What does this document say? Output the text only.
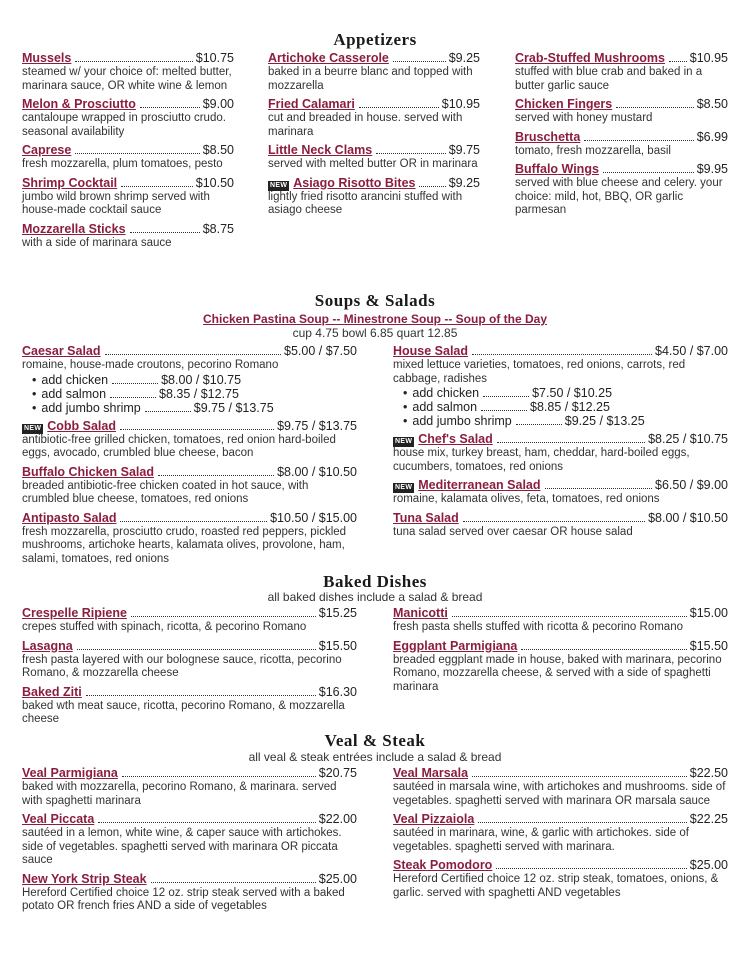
Appetizers
Mussels	$10.75
steamed w/ your choice of: melted butter, marinara sauce, OR white wine & lemon
Melon & Prosciutto	$9.00
cantaloupe wrapped in prosciutto crudo. seasonal availability
Caprese	$8.50
fresh mozzarella, plum tomatoes, pesto
Shrimp Cocktail	$10.50
jumbo wild brown shrimp served with house-made cocktail sauce
Mozzarella Sticks	$8.75
with a side of marinara sauce
Artichoke Casserole	$9.25
baked in a beurre blanc and topped with mozzarella
Fried Calamari	$10.95
cut and breaded in house. served with marinara
Little Neck Clams	$9.75
served with melted butter OR in marinara
NEW Asiago Risotto Bites	$9.25
lightly fried risotto arancini stuffed with asiago cheese
Crab-Stuffed Mushrooms $10.95
stuffed with blue crab and baked in a butter garlic sauce
Chicken Fingers	$8.50
served with honey mustard
Bruschetta	$6.99
tomato, fresh mozzarella, basil
Buffalo Wings	$9.95
served with blue cheese and celery. your choice: mild, hot, BBQ, OR garlic parmesan
Soups & Salads
Chicken Pastina Soup -- Minestrone Soup -- Soup of the Day
cup 4.75 bowl 6.85 quart 12.85
Caesar Salad	$5.00 / $7.50
romaine, house-made croutons, pecorino Romano
• add chicken	$8.00 / $10.75
• add salmon	$8.35 / $12.75
• add jumbo shrimp	$9.75 / $13.75
NEW Cobb Salad	$9.75 / $13.75
antibiotic-free grilled chicken, tomatoes, red onion hard-boiled eggs, avocado, crumbled blue cheese, bacon
Buffalo Chicken Salad	$8.00 / $10.50
breaded antibiotic-free chicken coated in hot sauce, with crumbled blue cheese, tomatoes, red onions
Antipasto Salad	$10.50 / $15.00
fresh mozzarella, prosciutto crudo, roasted red peppers, pickled mushrooms, artichoke hearts, kalamata olives, provolone, ham, salami, tomatoes, red onions
House Salad	$4.50 / $7.00
mixed lettuce varieties, tomatoes, red onions, carrots, red cabbage, radishes
• add chicken	$7.50 / $10.25
• add salmon	$8.85 / $12.25
• add jumbo shrimp	$9.25 / $13.25
NEW Chef's Salad	$8.25 / $10.75
house mix, turkey breast, ham, cheddar, hard-boiled eggs, cucumbers, tomatoes, red onions
NEW Mediterranean Salad	$6.50 / $9.00
romaine, kalamata olives, feta, tomatoes, red onions
Tuna Salad	$8.00 / $10.50
tuna salad served over caesar OR house salad
Baked Dishes
all baked dishes include a salad & bread
Crespelle Ripiene	$15.25
crepes stuffed with spinach, ricotta, & pecorino Romano
Lasagna	$15.50
fresh pasta layered with our bolognese sauce, ricotta, pecorino Romano, & mozzarella cheese
Baked Ziti	$16.30
baked wth meat sauce, ricotta, pecorino Romano, & mozzarella cheese
Manicotti	$15.00
fresh pasta shells stuffed with ricotta & pecorino Romano
Eggplant Parmigiana	$15.50
breaded eggplant made in house, baked with marinara, pecorino Romano, mozzarella cheese, & served with a side of spaghetti marinara
Veal & Steak
all veal & steak entrées include a salad & bread
Veal Parmigiana	$20.75
baked with mozzarella, pecorino Romano, & marinara. served with spaghetti marinara
Veal Piccata	$22.00
sautéed in a lemon, white wine, & caper sauce with artichokes. side of vegetables. spaghetti served with marinara OR piccata sauce
New York Strip Steak	$25.00
Hereford Certified choice 12 oz. strip steak served with a baked potato OR french fries AND a side of vegetables
Veal Marsala	$22.50
sautéed in marsala wine, with artichokes and mushrooms. side of vegetables. spaghetti served with marinara OR marsala sauce
Veal Pizzaiola	$22.25
sautéed in marinara, wine, & garlic with artichokes. side of vegetables. spaghetti served with marinara.
Steak Pomodoro	$25.00
Hereford Certified choice 12 oz. strip steak, tomatoes, onions, & garlic. served with spaghetti AND vegetables
